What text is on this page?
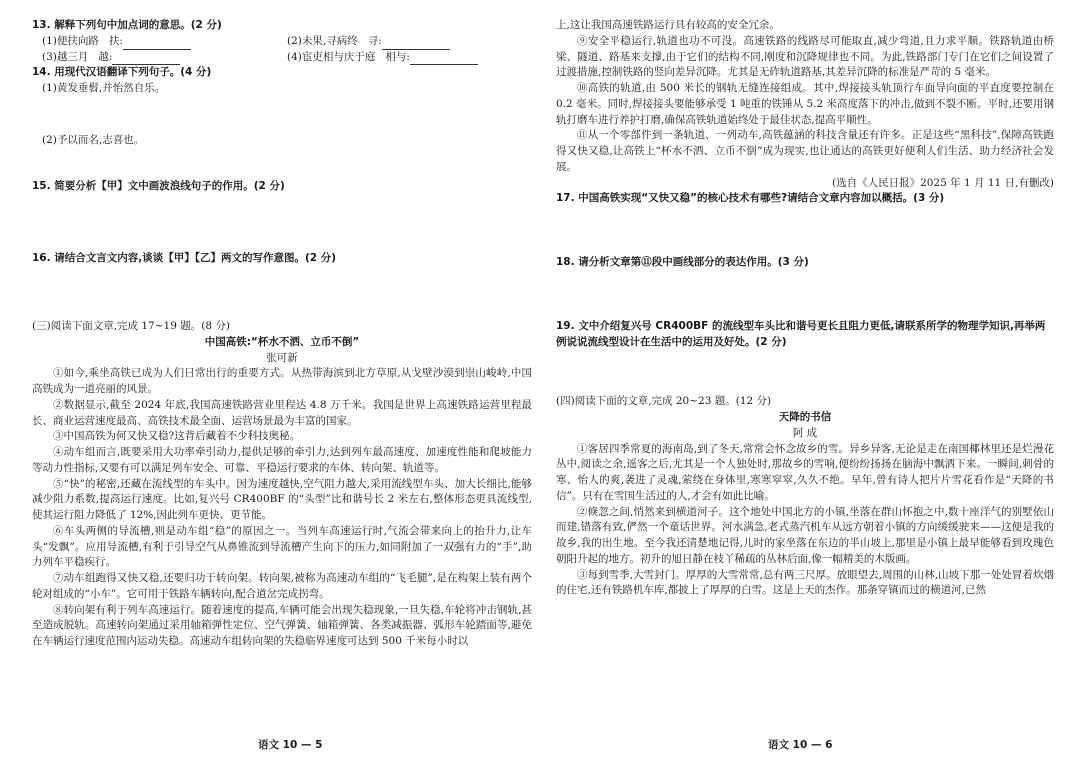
13. 解释下列句中加点词的意思。(2 分)

(1)便扶向路 扶:	(2)未果,寻病终 寻:
(3)越三月 越:	(4)宦吏相与庆于庭 相与:

14. 用现代汉语翻译下列句子。(4 分)

(1)黄发垂髫,并怡然自乐。

(2)予以而名,志喜也。

15. 简要分析【甲】文中画波浪线句子的作用。(2 分)

16. 请结合文言文内容,谈谈【甲】【乙】两文的写作意图。(2 分)

(三)阅读下面文章,完成 17~19 题。(8 分)

中国高铁:“杯水不洒、立币不倒”

张可新

①如今,乘坐高铁已成为人们日常出行的重要方式。从热带海滨到北方草原,从戈壁沙漠到崇山峻岭,中国高铁成为一道亮丽的风景。

②数据显示,截至 2024 年底,我国高速铁路营业里程达 4.8 万千米。我国是世界上高速铁路运营里程最长、商业运营速度最高、高铁技术最全面、运营场景最为丰富的国家。

③中国高铁为何又快又稳?这背后藏着不少科技奥秘。

④动车组而言,既要采用大功率牵引动力,提供足够的牵引力,达到列车最高速度、加速度性能和爬坡能力等动力性指标,又要有可以满足列车安全、可靠、平稳运行要求的车体、转向架、轨道等。

⑤“快”的秘密,还藏在流线型的车头中。因为速度越快,空气阻力越大,采用流线型车头、加大长细比,能够减少阻力系数,提高运行速度。比如,复兴号 CR400BF 的“头型”比和谐号长 2 米左右,整体形态更具流线型,使其运行阻力降低了 12%,因此列车更快、更节能。

⑥车头两侧的导流槽,则是动车组“稳”的原因之一。当列车高速运行时,气流会带来向上的抬升力,让车头“发飘”。应用导流槽,有利于引导空气从鼻锥流到导流槽产生向下的压力,如同附加了一双强有力的“手”,助力列车平稳疾行。

⑦动车组跑得又快又稳,还要归功于转向架。转向架,被称为高速动车组的“飞毛腿”,是在构架上装有两个轮对组成的“小车”。它可用于铁路车辆转向,配合道岔完成拐弯。

⑧转向架有利于列车高速运行。随着速度的提高,车辆可能会出现失稳现象,一旦失稳,车轮将冲击钢轨,甚至造成脱轨。高速转向架通过采用轴箱弹性定位、空气弹簧、轴箱弹簧、各类减振器、弧形车轮踏面等,避免在车辆运行速度范围内运动失稳。高速动车组转向架的失稳临界速度可达到 500 千米每小时以

语文 10 — 5

上,这让我国高速铁路运行具有较高的安全冗余。

⑨安全平稳运行,轨道也功不可没。高速铁路的线路尽可能取直,减少弯道,且力求平顺。铁路轨道由桥梁、隧道、路基来支撑,由于它们的结构不同,刚度和沉降规律也不同。为此,铁路部门专门在它们之间设置了过渡措施,控制铁路的竖向差异沉降。尤其是无砟轨道路基,其差异沉降的标准是严苛的 5 毫米。

⑩高铁的轨道,由 500 米长的钢轨无缝连接组成。其中,焊接接头轨顶行车面导向面的平直度要控制在 0.2 毫米。同时,焊接接头要能够承受 1 吨重的铁锤从 5.2 米高度落下的冲击,做到不裂不断。平时,还要用钢轨打磨车进行养护打磨,确保高铁轨道始终处于最佳状态,提高平顺性。

⑪从一个零部件到一条轨道、一列动车,高铁蕴涵的科技含量还有许多。正是这些“黑科技”,保障高铁跑得又快又稳,让高铁上“杯水不洒、立币不倒”成为现实,也让通达的高铁更好便利人们生活、助力经济社会发展。

(选自《人民日报》2025 年 1 月 11 日,有删改)

17. 中国高铁实现“又快又稳”的核心技术有哪些?请结合文章内容加以概括。(3 分)

18. 请分析文章第⑪段中画线部分的表达作用。(3 分)

19. 文中介绍复兴号 CR400BF 的流线型车头比和谐号更长且阻力更低,请联系所学的物理学知识,再举两例说说流线型设计在生活中的运用及好处。(2 分)

(四)阅读下面的文章,完成 20~23 题。(12 分)

天降的书信

阿 成

①客居四季常夏的海南岛,到了冬天,常常会怀念故乡的雪。异乡异客,无论是走在南国椰林里还是烂漫花丛中,阅读之余,遥客之后,尤其是一个人独处时,那故乡的雪响,便纷纷扬扬在脑海中飘洒下来。一瞬间,刺骨的寒、怡人的爽,袭进了灵魂,萦绕在身体里,寒寒窣窣,久久不绝。早年,曾有诗人把片片雪花看作是“天降的书信”。只有在雪国生活过的人,才会有如此比喻。

②倏忽之间,悄然来到横道河子。这个地处中国北方的小镇,坐落在群山怀抱之中,数十座洋气的别墅依山而建,错落有致,俨然一个童话世界。河水满急,老式蒸汽机车从远方朝着小镇的方向缓缓驶来——这便是我的故乡,我的出生地。至今我还清楚地记得,儿时的家坐落在东边的半山坡上,那里是小镇上最早能够看到玫瑰色朝阳升起的地方。初升的旭日静在枝丫稀疏的丛林后面,像一幅精美的木版画。

③每到雪季,大雪封门。厚厚的大雪常常,总有两三尺厚。放眼望去,周围的山林,山坡下那一处处冒着炊烟的住宅,还有铁路机车库,都披上了厚厚的白雪。这是上天的杰作。那条穿镇而过的横道河,已然

语文 10 — 6
